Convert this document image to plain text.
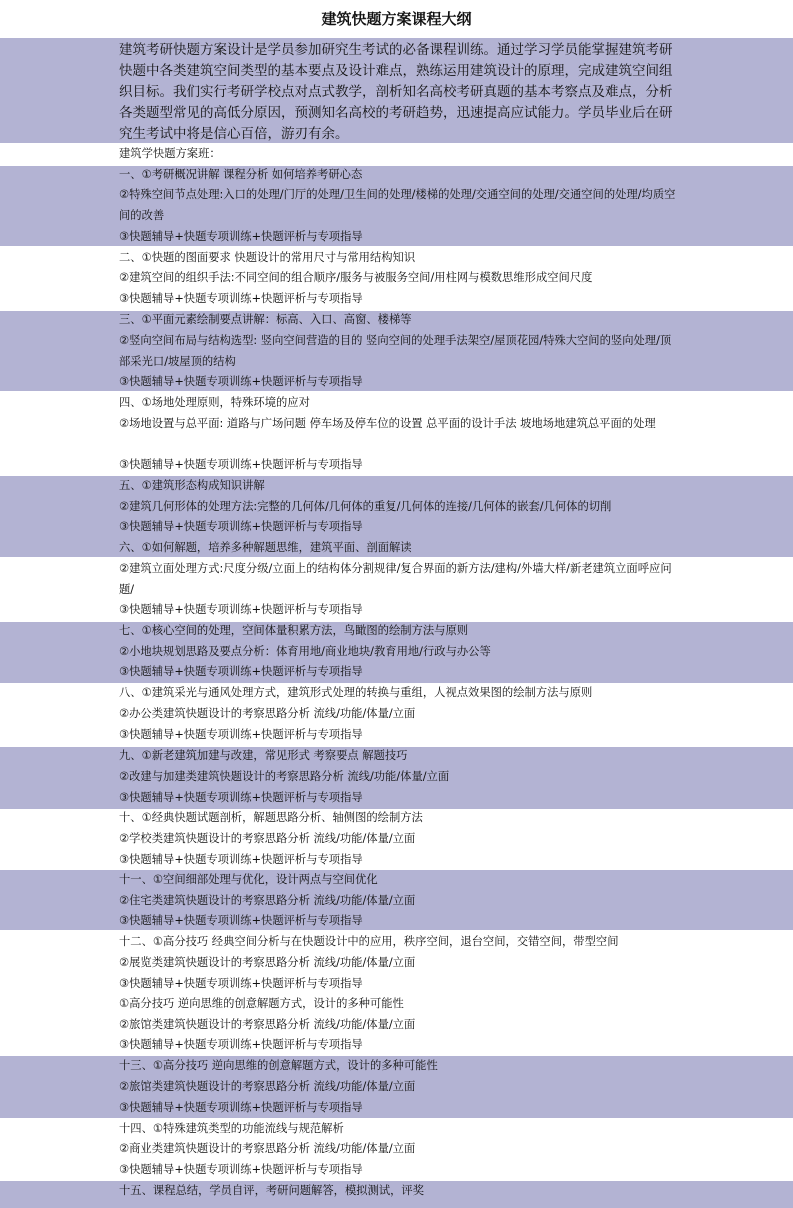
建筑快题方案课程大纲
建筑考研快题方案设计是学员参加研究生考试的必备课程训练。通过学习学员能掌握建筑考研快题中各类建筑空间类型的基本要点及设计难点，熟练运用建筑设计的原理，完成建筑空间组织目标。我们实行考研学校点对点式教学，剖析知名高校考研真题的基本考察点及难点，分析各类题型常见的高低分原因，预测知名高校的考研趋势，迅速提高应试能力。学员毕业后在研究生考试中将是信心百倍，游刃有余。
建筑学快题方案班：
一、①考研概况讲解 课程分析 如何培养考研心态
②特殊空间节点处理:入口的处理/门厅的处理/卫生间的处理/楼梯的处理/交通空间的处理/交通空间的处理/均质空间的改善
③快题辅导+快题专项训练+快题评析与专项指导
二、①快题的图面要求 快题设计的常用尺寸与常用结构知识
②建筑空间的组织手法:不同空间的组合顺序/服务与被服务空间/用柱网与模数思维形成空间尺度
③快题辅导+快题专项训练+快题评析与专项指导
三、①平面元素绘制要点讲解：标高、入口、高窗、楼梯等
②竖向空间布局与结构选型: 竖向空间营造的目的 竖向空间的处理手法架空/屋顶花园/特殊大空间的竖向处理/顶部采光口/坡屋顶的结构
③快题辅导+快题专项训练+快题评析与专项指导
四、①场地处理原则，特殊环境的应对
②场地设置与总平面: 道路与广场问题 停车场及停车位的设置 总平面的设计手法 坡地场地建筑总平面的处理
③快题辅导+快题专项训练+快题评析与专项指导
五、①建筑形态构成知识讲解
②建筑几何形体的处理方法:完整的几何体/几何体的重复/几何体的连接/几何体的嵌套/几何体的切削
③快题辅导+快题专项训练+快题评析与专项指导
六、①如何解题，培养多种解题思维，建筑平面、剖面解读
②建筑立面处理方式:尺度分级/立面上的结构体分割规律/复合界面的新方法/建构/外墙大样/新老建筑立面呼应问题/
③快题辅导+快题专项训练+快题评析与专项指导
七、①核心空间的处理，空间体量积累方法，鸟瞰图的绘制方法与原则
②小地块规划思路及要点分析：体育用地/商业地块/教育用地/行政与办公等
③快题辅导+快题专项训练+快题评析与专项指导
八、①建筑采光与通风处理方式，建筑形式处理的转换与重组，人视点效果图的绘制方法与原则
②办公类建筑快题设计的考察思路分析 流线/功能/体量/立面
③快题辅导+快题专项训练+快题评析与专项指导
九、①新老建筑加建与改建，常见形式 考察要点 解题技巧
②改建与加建类建筑快题设计的考察思路分析 流线/功能/体量/立面
③快题辅导+快题专项训练+快题评析与专项指导
十、①经典快题试题剖析，解题思路分析、轴侧图的绘制方法
②学校类建筑快题设计的考察思路分析 流线/功能/体量/立面
③快题辅导+快题专项训练+快题评析与专项指导
十一、①空间细部处理与优化，设计两点与空间优化
②住宅类建筑快题设计的考察思路分析 流线/功能/体量/立面
③快题辅导+快题专项训练+快题评析与专项指导
十二、①高分技巧 经典空间分析与在快题设计中的应用，秩序空间，退台空间，交错空间，带型空间
②展览类建筑快题设计的考察思路分析 流线/功能/体量/立面
③快题辅导+快题专项训练+快题评析与专项指导
①高分技巧 逆向思维的创意解题方式，设计的多种可能性
②旅馆类建筑快题设计的考察思路分析 流线/功能/体量/立面
③快题辅导+快题专项训练+快题评析与专项指导
十三、①高分技巧 逆向思维的创意解题方式，设计的多种可能性
②旅馆类建筑快题设计的考察思路分析 流线/功能/体量/立面
③快题辅导+快题专项训练+快题评析与专项指导
十四、①特殊建筑类型的功能流线与规范解析
②商业类建筑快题设计的考察思路分析 流线/功能/体量/立面
③快题辅导+快题专项训练+快题评析与专项指导
十五、课程总结，学员自评，考研问题解答，模拟测试，评奖
